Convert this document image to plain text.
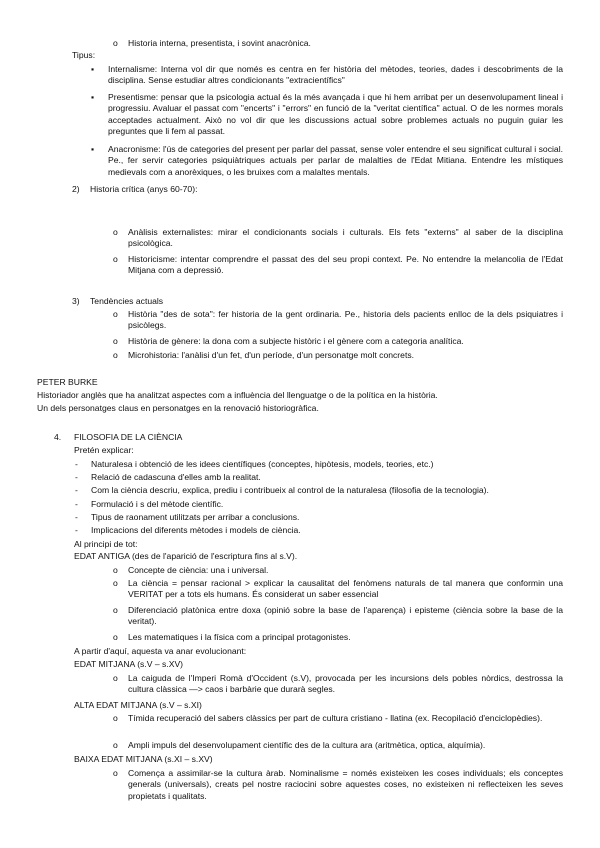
o	Historia interna, presentista, i sovint anacrònica.
Tipus:
▪	Internalisme: Interna vol dir que només es centra en fer història del mètodes, teories, dades i descobriments de la disciplina. Sense estudiar altres condicionants "extracientífics"
▪	Presentisme: pensar que la psicologia actual és la més avançada i que hi hem arribat per un desenvolupament lineal i progressiu. Avaluar el passat com "encerts" i "errors" en funció de la "veritat científica" actual. O de les normes morals acceptades actualment. Això no vol dir que les discussions actual sobre problemes actuals no puguin guiar les preguntes que li fem al passat.
▪	Anacronisme: l'ús de categories del present per parlar del passat, sense voler entendre el seu significat cultural i social. Pe., fer servir categories psiquiàtriques actuals per parlar de malalties de l'Edat Mitiana. Entendre les místiques medievals com a anorèxiques, o les bruixes com a malaltes mentals.
2) Historia crítica (anys 60-70):
o	Anàlisis externalistes: mirar el condicionants socials i culturals. Els fets "externs" al saber de la disciplina psicològica.
o	Historicisme: intentar comprendre el passat des del seu propi context. Pe. No entendre la melancolia de l'Edat Mitjana com a depressió.
3) Tendències actuals
o	Història "des de sota": fer historia de la gent ordinaria. Pe., historia dels pacients enlloc de la dels psiquiatres i psicòlegs.
o	Història de gènere: la dona com a subjecte històric i el gènere com a categoria analítica.
o	Microhistoria: l'anàlisi d'un fet, d'un període, d'un personatge molt concrets.
PETER BURKE
Historiador anglès que ha analitzat aspectes com a influència del llenguatge o de la política en la història.
Un dels personatges claus en personatges en la renovació historiogràfica.
4. FILOSOFIA DE LA CIÈNCIA
Pretén explicar:
-	Naturalesa i obtenció de les idees científiques (conceptes, hipòtesis, models, teories, etc.)
-	Relació de cadascuna d'elles amb la realitat.
-	Com la ciència descriu, explica, prediu i contribueix al control de la naturalesa (filosofia de la tecnologia).
-	Formulació i s del mètode científic.
-	Tipus de raonament utilitzats per arribar a conclusions.
-	Implicacions del diferents mètodes i models de ciència.
Al principi de tot:
EDAT ANTIGA (des de l'aparició de l'escriptura fins al s.V).
o	Concepte de ciència: una i universal.
o	La ciència = pensar racional > explicar la causalitat del fenòmens naturals de tal manera que conformin una VERITAT per a tots els humans. És considerat un saber essencial
o	Diferenciació platònica entre doxa (opinió sobre la base de l'aparença) i episteme (ciència sobre la base de la veritat).
o	Les matematiques i la física com a principal protagonistes.
A partir d'aquí, aquesta va anar evolucionant:
EDAT MITJANA (s.V – s.XV)
o	La caiguda de l'Imperi Romà d'Occident (s.V), provocada per les incursions dels pobles nòrdics, destrossa la cultura clàssica —> caos i barbàrie que durarà segles.
ALTA EDAT MITJANA (s.V – s.XI)
o	Tímida recuperació del sabers clàssics per part de cultura cristiano - llatina (ex. Recopilació d'enciclopèdies).
o	Ampli impuls del desenvolupament científic des de la cultura ara (aritmètica, optica, alquímia).
BAIXA EDAT MITJANA (s.XI – s.XV)
o	Comença a assimilar-se la cultura àrab. Nominalisme = només existeixen les coses individuals; els conceptes generals (universals), creats pel nostre raciocini sobre aquestes coses, no existeixen ni reflecteixen les seves propietats i qualitats.
